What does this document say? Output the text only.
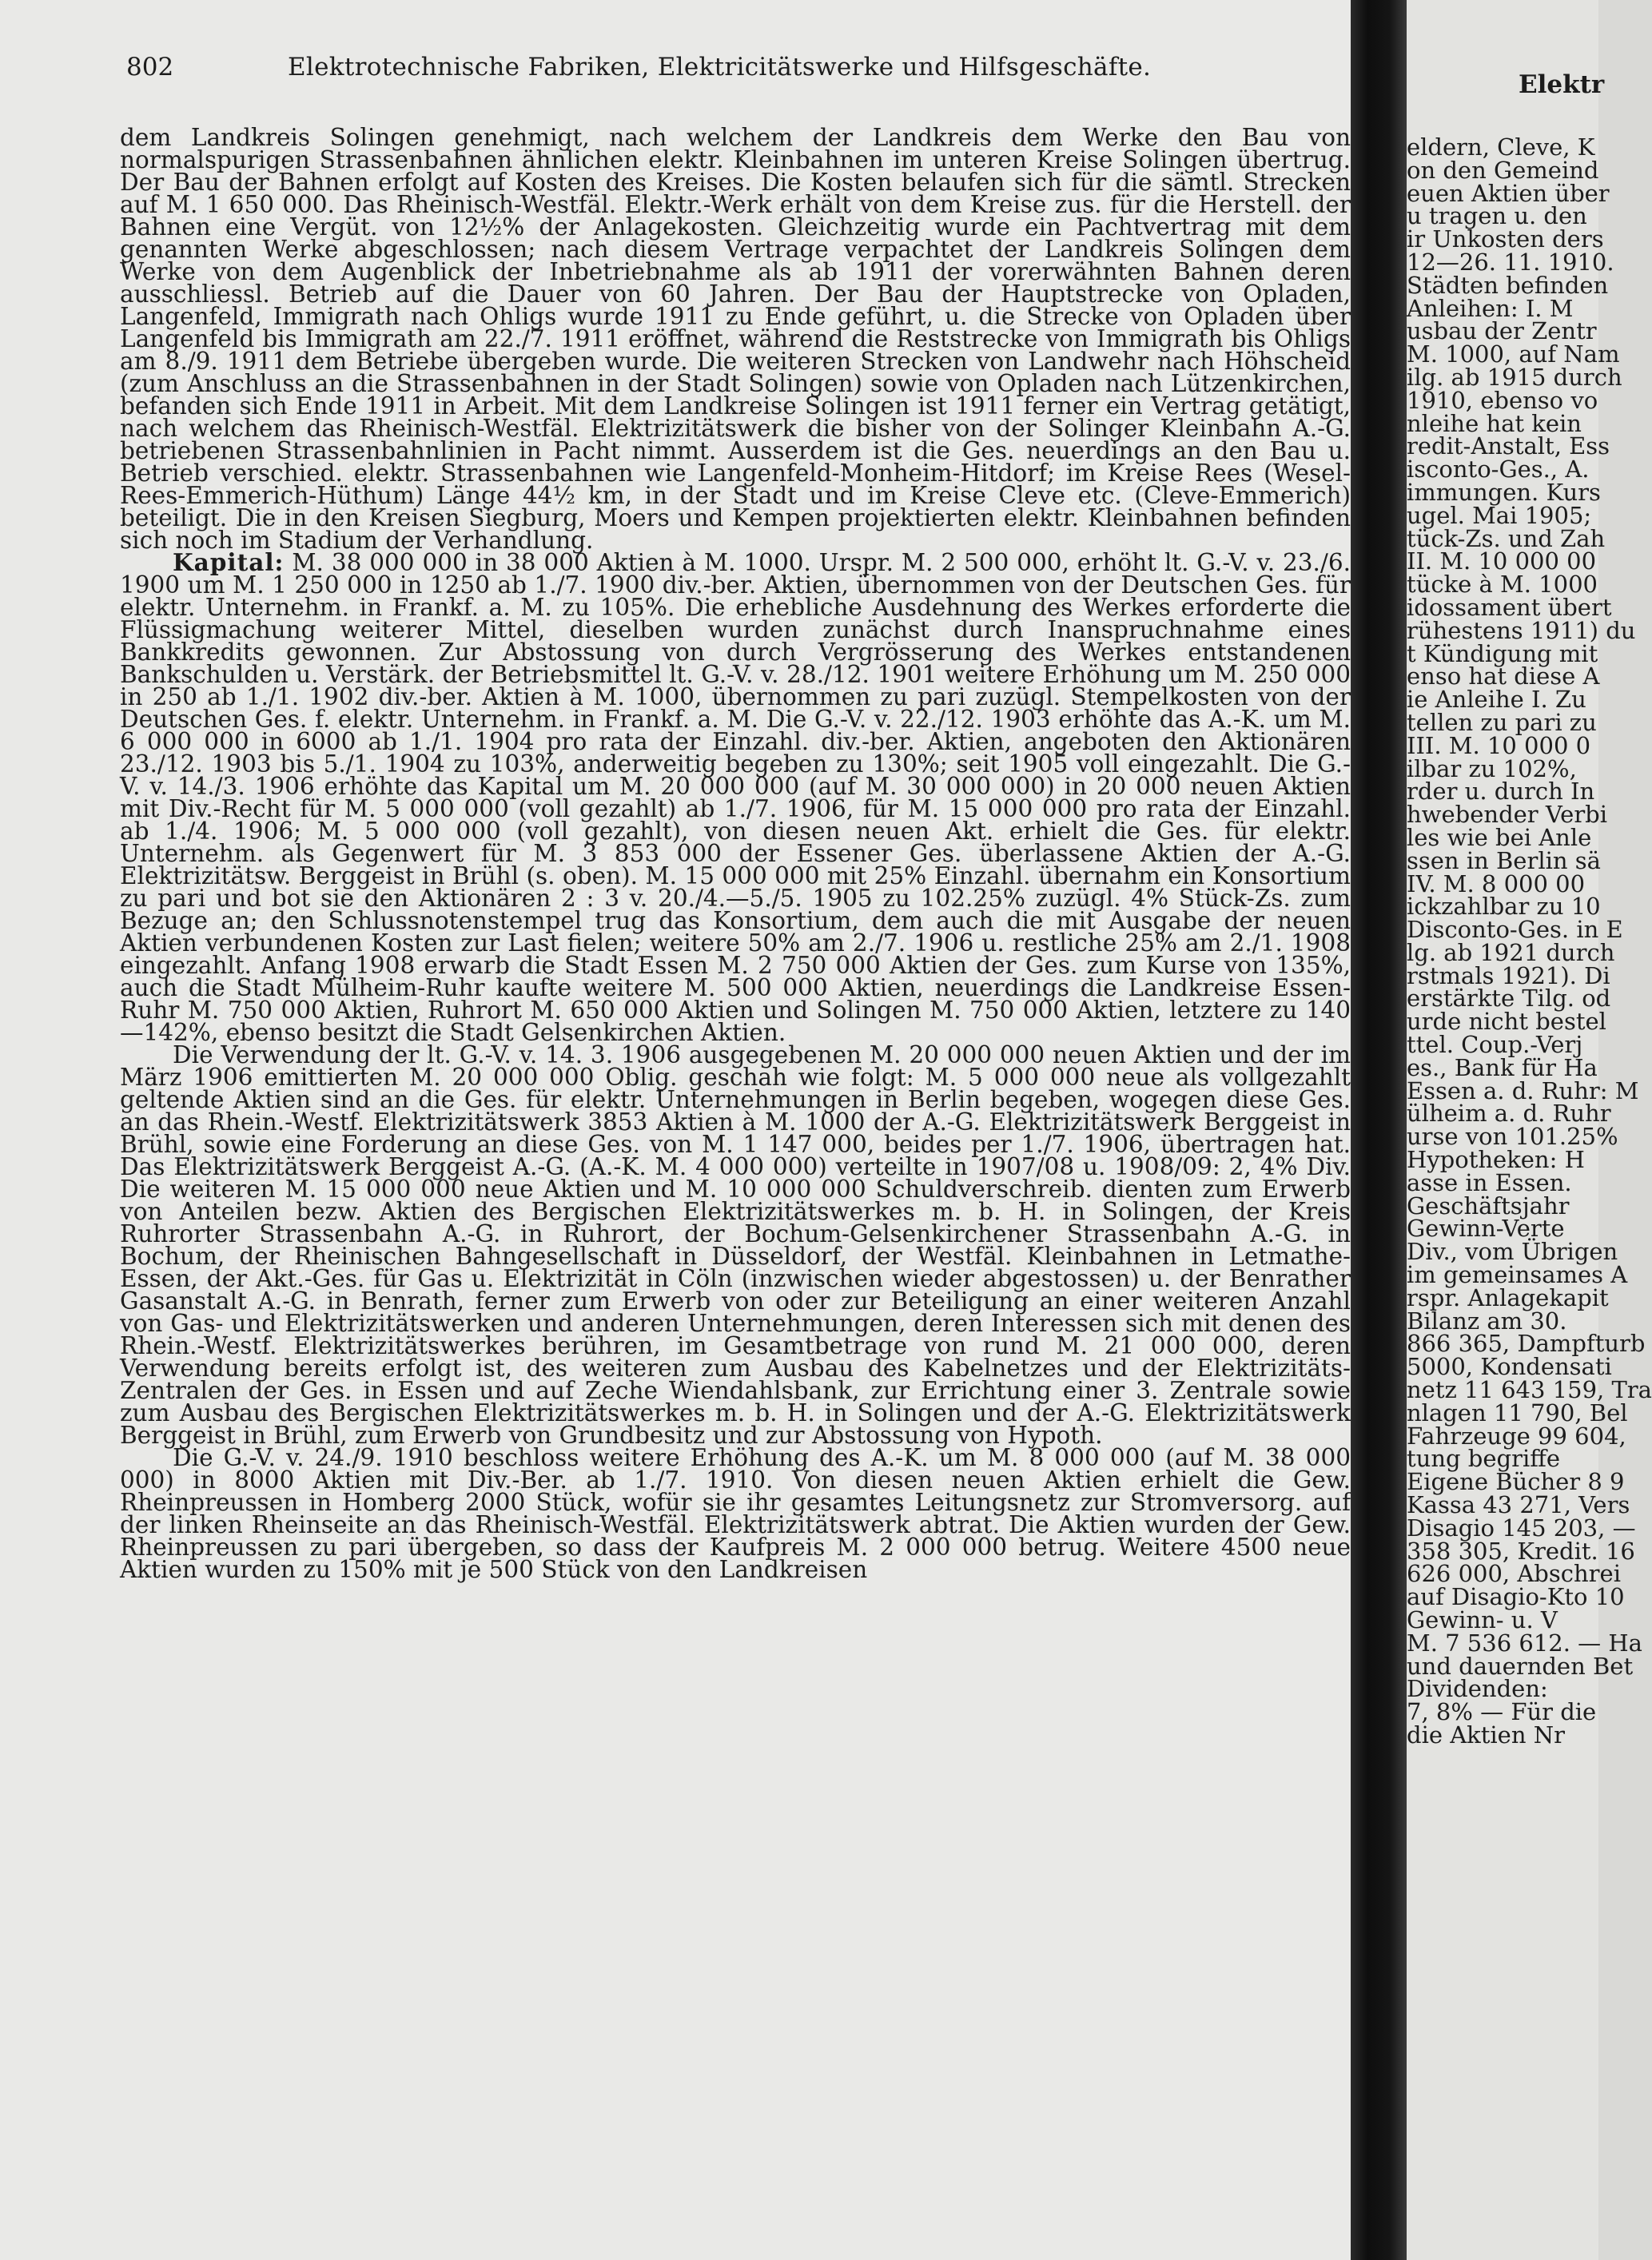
802	Elektrotechnische Fabriken, Elektricitätswerke und Hilfsgeschäfte.

dem Landkreis Solingen genehmigt, nach welchem der Landkreis dem Werke den Bau von normalspurigen Strassenbahnen ähnlichen elektr. Kleinbahnen im unteren Kreise Solingen übertrug. Der Bau der Bahnen erfolgt auf Kosten des Kreises. Die Kosten belaufen sich für die sämtl. Strecken auf M. 1 650 000. Das Rheinisch-Westfäl. Elektr.-Werk erhält von dem Kreise zus. für die Herstell. der Bahnen eine Vergüt. von 12½% der Anlagekosten. Gleichzeitig wurde ein Pachtvertrag mit dem genannten Werke abgeschlossen; nach diesem Vertrage verpachtet der Landkreis Solingen dem Werke von dem Augenblick der Inbetriebnahme als ab 1911 der vorerwähnten Bahnen deren ausschliessl. Betrieb auf die Dauer von 60 Jahren. Der Bau der Hauptstrecke von Opladen, Langenfeld, Immigrath nach Ohligs wurde 1911 zu Ende geführt, u. die Strecke von Opladen über Langenfeld bis Immigrath am 22./7. 1911 eröffnet, während die Reststrecke von Immigrath bis Ohligs am 8./9. 1911 dem Betriebe übergeben wurde. Die weiteren Strecken von Landwehr nach Höhscheid (zum Anschluss an die Strassenbahnen in der Stadt Solingen) sowie von Opladen nach Lützenkirchen, befanden sich Ende 1911 in Arbeit. Mit dem Landkreise Solingen ist 1911 ferner ein Vertrag getätigt, nach welchem das Rheinisch-Westfäl. Elektrizitätswerk die bisher von der Solinger Kleinbahn A.-G. betriebenen Strassenbahnlinien in Pacht nimmt. Ausserdem ist die Ges. neuerdings an den Bau u. Betrieb verschied. elektr. Strassenbahnen wie Langenfeld-Monheim-Hitdorf; im Kreise Rees (Wesel-Rees-Emmerich-Hüthum) Länge 44½ km, in der Stadt und im Kreise Cleve etc. (Cleve-Emmerich) beteiligt. Die in den Kreisen Siegburg, Moers und Kempen projektierten elektr. Kleinbahnen befinden sich noch im Stadium der Verhandlung.

Kapital: M. 38 000 000 in 38 000 Aktien à M. 1000. Urspr. M. 2 500 000, erhöht lt. G.-V. v. 23./6. 1900 um M. 1 250 000 in 1250 ab 1./7. 1900 div.-ber. Aktien, übernommen von der Deutschen Ges. für elektr. Unternehm. in Frankf. a. M. zu 105%. Die erhebliche Ausdehnung des Werkes erforderte die Flüssigmachung weiterer Mittel, dieselben wurden zunächst durch Inanspruchnahme eines Bankkredits gewonnen. Zur Abstossung von durch Vergrösserung des Werkes entstandenen Bankschulden u. Verstärk. der Betriebsmittel lt. G.-V. v. 28./12. 1901 weitere Erhöhung um M. 250 000 in 250 ab 1./1. 1902 div.-ber. Aktien à M. 1000, übernommen zu pari zuzügl. Stempelkosten von der Deutschen Ges. f. elektr. Unternehm. in Frankf. a. M. Die G.-V. v. 22./12. 1903 erhöhte das A.-K. um M. 6 000 000 in 6000 ab 1./1. 1904 pro rata der Einzahl. div.-ber. Aktien, angeboten den Aktionären 23./12. 1903 bis 5./1. 1904 zu 103%, anderweitig begeben zu 130%; seit 1905 voll eingezahlt. Die G.-V. v. 14./3. 1906 erhöhte das Kapital um M. 20 000 000 (auf M. 30 000 000) in 20 000 neuen Aktien mit Div.-Recht für M. 5 000 000 (voll gezahlt) ab 1./7. 1906, für M. 15 000 000 pro rata der Einzahl. ab 1./4. 1906; M. 5 000 000 (voll gezahlt), von diesen neuen Akt. erhielt die Ges. für elektr. Unternehm. als Gegenwert für M. 3 853 000 der Essener Ges. überlassene Aktien der A.-G. Elektrizitätsw. Berggeist in Brühl (s. oben). M. 15 000 000 mit 25% Einzahl. übernahm ein Konsortium zu pari und bot sie den Aktionären 2 : 3 v. 20./4.—5./5. 1905 zu 102.25% zuzügl. 4% Stück-Zs. zum Bezuge an; den Schlussnotenstempel trug das Konsortium, dem auch die mit Ausgabe der neuen Aktien verbundenen Kosten zur Last fielen; weitere 50% am 2./7. 1906 u. restliche 25% am 2./1. 1908 eingezahlt. Anfang 1908 erwarb die Stadt Essen M. 2 750 000 Aktien der Ges. zum Kurse von 135%, auch die Stadt Mülheim-Ruhr kaufte weitere M. 500 000 Aktien, neuerdings die Landkreise Essen-Ruhr M. 750 000 Aktien, Ruhrort M. 650 000 Aktien und Solingen M. 750 000 Aktien, letztere zu 140—142%, ebenso besitzt die Stadt Gelsenkirchen Aktien.

Die Verwendung der lt. G.-V. v. 14. 3. 1906 ausgegebenen M. 20 000 000 neuen Aktien und der im März 1906 emittierten M. 20 000 000 Oblig. geschah wie folgt: M. 5 000 000 neue als vollgezahlt geltende Aktien sind an die Ges. für elektr. Unternehmungen in Berlin begeben, wogegen diese Ges. an das Rhein.-Westf. Elektrizitätswerk 3853 Aktien à M. 1000 der A.-G. Elektrizitätswerk Berggeist in Brühl, sowie eine Forderung an diese Ges. von M. 1 147 000, beides per 1./7. 1906, übertragen hat. Das Elektrizitätswerk Berggeist A.-G. (A.-K. M. 4 000 000) verteilte in 1907/08 u. 1908/09: 2, 4% Div. Die weiteren M. 15 000 000 neue Aktien und M. 10 000 000 Schuldverschreib. dienten zum Erwerb von Anteilen bezw. Aktien des Bergischen Elektrizitätswerkes m. b. H. in Solingen, der Kreis Ruhrorter Strassenbahn A.-G. in Ruhrort, der Bochum-Gelsenkirchener Strassenbahn A.-G. in Bochum, der Rheinischen Bahngesellschaft in Düsseldorf, der Westfäl. Kleinbahnen in Letmathe-Essen, der Akt.-Ges. für Gas u. Elektrizität in Cöln (inzwischen wieder abgestossen) u. der Benrather Gasanstalt A.-G. in Benrath, ferner zum Erwerb von oder zur Beteiligung an einer weiteren Anzahl von Gas- und Elektrizitätswerken und anderen Unternehmungen, deren Interessen sich mit denen des Rhein.-Westf. Elektrizitätswerkes berühren, im Gesamtbetrage von rund M. 21 000 000, deren Verwendung bereits erfolgt ist, des weiteren zum Ausbau des Kabelnetzes und der Elektrizitäts-Zentralen der Ges. in Essen und auf Zeche Wiendahlsbank, zur Errichtung einer 3. Zentrale sowie zum Ausbau des Bergischen Elektrizitätswerkes m. b. H. in Solingen und der A.-G. Elektrizitätswerk Berggeist in Brühl, zum Erwerb von Grundbesitz und zur Abstossung von Hypoth.

Die G.-V. v. 24./9. 1910 beschloss weitere Erhöhung des A.-K. um M. 8 000 000 (auf M. 38 000 000) in 8000 Aktien mit Div.-Ber. ab 1./7. 1910. Von diesen neuen Aktien erhielt die Gew. Rheinpreussen in Homberg 2000 Stück, wofür sie ihr gesamtes Leitungsnetz zur Stromversorg. auf der linken Rheinseite an das Rheinisch-Westfäl. Elektrizitätswerk abtrat. Die Aktien wurden der Gew. Rheinpreussen zu pari übergeben, so dass der Kaufpreis M. 2 000 000 betrug. Weitere 4500 neue Aktien wurden zu 150% mit je 500 Stück von den Landkreisen

Elektr
eldern, Cleve, K
on den Gemeind
euen Aktien über
u tragen u. den
ir Unkosten ders
12—26. 11. 1910.
Städten befinden
Anleihen: I. M
usbau der Zentr
M. 1000, auf Nam
ilg. ab 1915 durch
1910, ebenso vo
nleihe hat kein
redit-Anstalt, Ess
isconto-Ges., A.
immungen. Kurs
ugel. Mai 1905;
tück-Zs. und Zah
II. M. 10 000 00
tücke à M. 1000
idossament übert
rühestens 1911) du
t Kündigung mit
enso hat diese A
ie Anleihe I. Zu
tellen zu pari zu
III. M. 10 000 0
ilbar zu 102%,
rder u. durch In
hwebender Verbi
les wie bei Anle
ssen in Berlin sä
IV. M. 8 000 00
ickzahlbar zu 10
Disconto-Ges. in E
lg. ab 1921 durch
rstmals 1921). Di
erstärkte Tilg. od
urde nicht bestel
ttel. Coup.-Verj
es., Bank für Ha
Essen a. d. Ruhr: M
ülheim a. d. Ruhr
urse von 101.25%
Hypotheken: H
asse in Essen.
Geschäftsjahr
Gewinn-Verte
Div., vom Übrigen
im gemeinsames A
rspr. Anlagekapit
Bilanz am 30.
866 365, Dampfturb
5000, Kondensati
netz 11 643 159, Tra
nlagen 11 790, Bel
Fahrzeuge 99 604,
tung begriffe
Eigene Bücher 8 9
Kassa 43 271, Vers
Disagio 145 203, —
358 305, Kredit. 16
626 000, Abschrei
auf Disagio-Kto 10
Gewinn- u. V
M. 7 536 612. — Ha
und dauernden Bet
Dividenden:
7, 8% — Für die
die Aktien Nr
